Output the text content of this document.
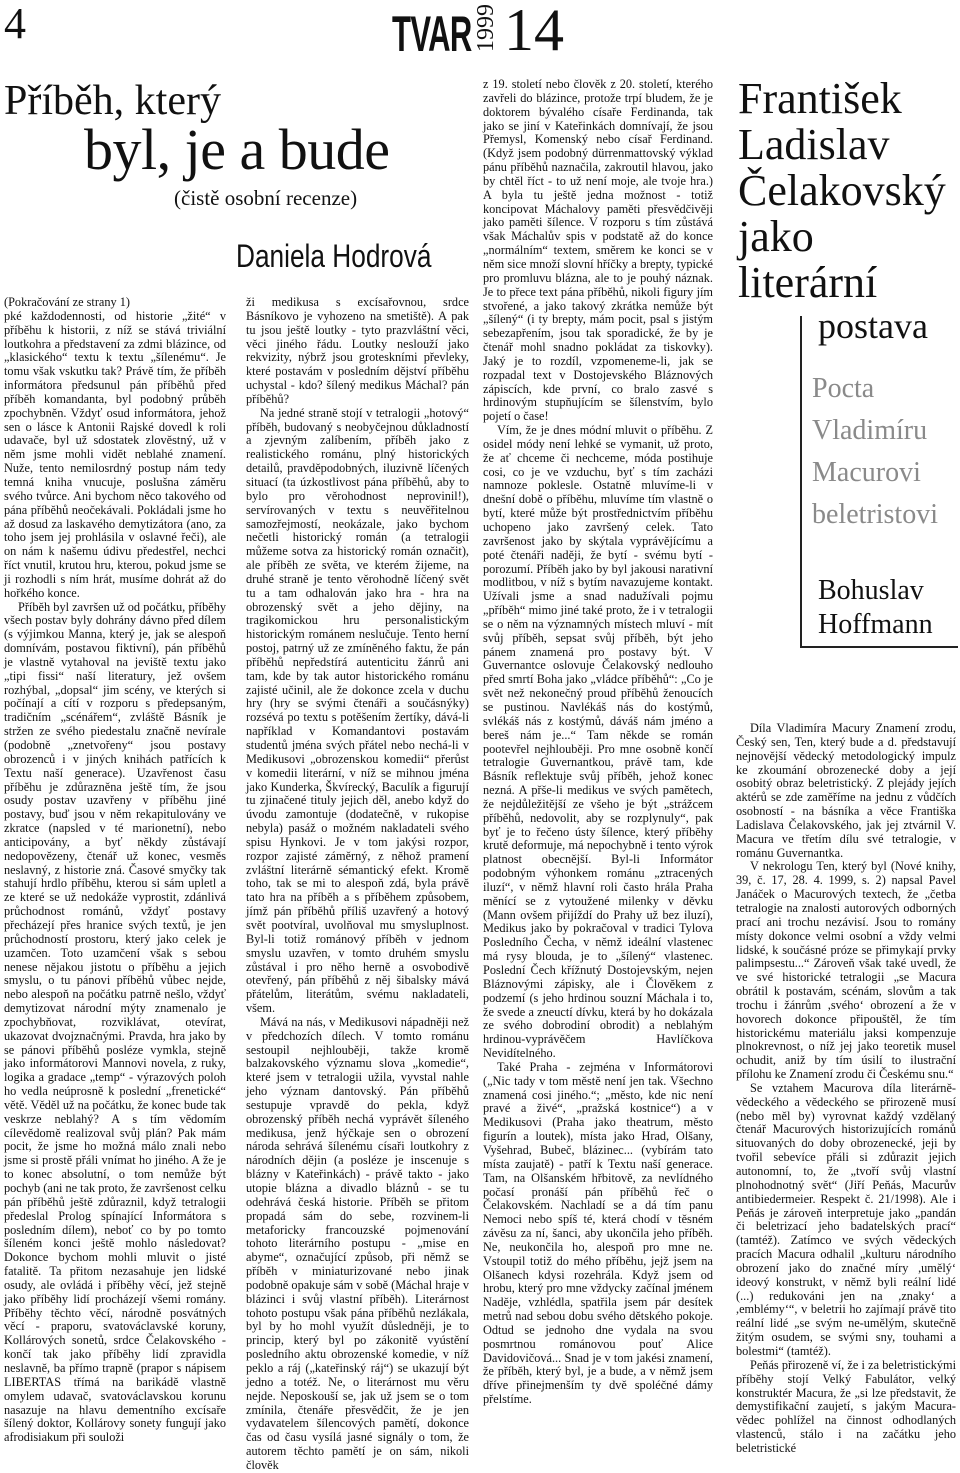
4	TVAR 1999 14
Příběh, který
byl, je a bude
(čistě osobní recenze)
Daniela Hodrová

(Pokračování ze strany 1)

pké každodennosti, od historie „žité“ v příběhu k historii, z níž se stává triviální loutkohra a představení za zdmi blázince, od „klasického“ textu k textu „šílenému“. Je tomu však vskutku tak? Právě tím, že příběh informátora předsunul pán příběhů před příběh komandanta, byl podobný průběh zpochybněn. Vždyť osud informátora, jehož sen o lásce k Antonii Rajské dovedl k roli udavače, byl už sdostatek zlověstný, už v něm jsme mohli vidět neblahé znamení. Nuže, tento nemilosrdný postup nám tedy temná kniha vnucuje, poslušna záměru svého tvůrce. Ani bychom něco takového od pána příběhů neočekávali. Pokládali jsme ho až dosud za laskavého demytizátora (ano, za toho jsem jej prohlásila v oslavné řeči), ale on nám k našemu údivu předestřel, nechci říct vnutil, krutou hru, kterou, pokud jsme se ji rozhodli s ním hrát, musíme dohrát až do hořkého konce.

Příběh byl završen už od počátku, příběhy všech postav byly dohrány dávno před dílem (s výjimkou Manna, který je, jak se alespoň domnívám, postavou fiktivní), pán příběhů je vlastně vytahoval na jeviště textu jako „tipi fissi“ naší literatury, jež ovšem rozhýbal, „dopsal“ jim scény, ve kterých si počínají a cítí v rozporu s předepsaným, tradičním „scénářem“, zvláště Básník je stržen ze svého piedestalu značně nevírale (podobně „znetvořeny“ jsou postavy obrozenců i v jiných knihách patřících k Textu naší generace). Uzavřenost času příběhu je zdůrazněna ještě tím, že jsou osudy postav uzavřeny v příběhu jiné postavy, buď jsou v něm rekapitulovány ve zkratce (napsled v té marionetní), nebo anticipovány, a byť někdy zůstávají nedopovězeny, čtenář už konec, vesměs neslavný, z historie zná. Časové smyčky tak stahují hrdlo příběhu, kterou si sám upletl a ze které se už nedokáže vyprostit, zdánlivá průchodnost románů, vždyť postavy přecházejí přes hranice svých textů, je jen průchodností prostoru, který jako celek je uzamčen. Toto uzamčení však s sebou nenese nějakou jistotu o příběhu a jejich smyslu, o tu pánovi příběhů vůbec nejde, nebo alespoň na počátku patrně nešlo, vždyť demytizovat národní mýty znamenalo je zpochybňovat, rozviklávat, otevírat, ukazovat dvojznačnými. Pravda, hra jako by se pánovi příběhů poslézе vymkla, stejně jako informátorovi Mannovi novela, z ruky, logika a gradace „temp“ - výrazových poloh ho vedla neúprosně k poslední „frenetické“ větě. Věděl už na počátku, že konec bude tak veskrze neblahý? A s tím vědomím cílevědomě realizoval svůj plán? Pak mám pocit, že jsme ho možná málo znali nebo jsme si prostě přáli vnímat ho jiného. A že je to konec absolutní, o tom nemůže být pochyb (ani ne tak proto, že završenost celku pán příběhů ještě zdůraznil, když tetralogii předeslal Prolog spínající Informátora s posledním dílem), neboť co by po tomto šíleném konci ještě mohlo následovat? Dokonce bychom mohli mluvit o jisté fatalitě. Ta přitom nezasahuje jen lidské osudy, ale ovládá i příběhy věcí, jež stejně jako příběhy lidí procházejí všemi romány. Příběhy těchto věcí, národně posvátných věcí - praporu, svatováclavské koruny, Kollárových sonetů, srdce Čelakovského - končí tak jako příběhy lidí zpravidla neslavně, ba přímo trapně (prapor s nápisem LIBERTAS třímá na barikádě vlastně omylem udavač, svatováclavskou korunu nasazuje na hlavu dementního excísaře šílený doktor, Kollárovy sonety fungují jako afrodisiakum při souloži

ži medikusa s excísařovnou, srdce Básníkovo je vyhozeno na smetiště). A pak tu jsou ještě loutky - tyto prazvláštní věci, věci jiného řádu. Loutky neslouží jako rekvizity, nýbrž jsou groteskními převleky, které postavám v posledním dějství příběhu uchystal - kdo? šílený medikus Máchal? pán příběhů?

Na jedné straně stojí v tetralogii „hotový“ příběh, budovaný s neobyčejnou důkladností a zjevným zalíbením, příběh jako z realistického románu, plný historických detailů, pravděpodobných, iluzivně líčených situací (ta úzkostlivost pána příběhů, aby to bylo pro věrohodnost neprovinil!), servírovaných v textu s neuvěřitelnou samozřejmostí, neokázale, jako bychom nečetli historický román (a tetralogii můžeme sotva za historický román označit), ale příběh ze světa, ve kterém žijeme, na druhé straně je tento věrohodně líčený svět tu a tam odhalován jako hra - hra na obrozenský svět a jeho dějiny, na tragikomickou hru personalistickým historickým románem neslučuje. Tento herní postoj, patrný už ze zmíněného faktu, že pán příběhů nepředstírá autenticitu žánrů ani tam, kde by tak autor historického románu zajisté učinil, ale že dokonce zcela v duchu hry (hry se svými čtenáři a součásnýky) rozsévá po textu s potěšením žertíky, dává-li například v Komandantovi postavám studentů jména svých přátel nebo nechá-li v Medikusovi „obrozenskou komedii“ přerůst v komedii literární, v níž se mihnou jména jako Kunderka, Škvírecký, Baculík a figurují tu zjinačené tituly jejich děl, anebo když do úvodu zamontuje (dodatečně, v rukopise nebyla) pasáž o možném nakladateli svého spisu Hynkovi. Je v tom jakýsi rozpor, rozpor zajisté záměrný, z něhož pramení zvláštní literárně sémantický efekt. Kromě toho, tak se mi to alespoň zdá, byla právě tato hra na příběh a s příběhem způsobem, jímž pán příběhů příliš uzavřený a hotový svět pootvíral, uvolňoval mu smysluplnost. Byl-li totiž románový příběh v jednom smyslu uzavřen, v tomto druhém smyslu zůstával i pro něho herně a osvobodivě otevřený, pán příběhů z něj šibalsky mává přátelům, literátům, svému nakladateli, všem.

Mává na nás, v Medikusovi nápadněji než v předchozích dílech. V tomto románu sestoupil nejhlouběji, takže kromě balzakovského významu slova „komedie“, které jsem v tetralogii užila, vyvstal nahle jeho význam dantovský. Pán příběhů sestupuje vpravdě do pekla, když obrozenský příběh nechá vyprávět šíleného medikusa, jenž hýčkaje sen o obrození národa sehrává šílenému císaři loutkohry z národních dějin (a posléze je inscenuje s blázny v Kateřinkách) - právě takto - jako utopie blázna a divadlo bláznů - se tu odehrává česká historie. Příběh se přitom propadá sám do sebe, rozvinem-li metaforicky francouzské pojmenování tohoto literárního postupu - „mise en abyme“, označující způsob, při němž se příběh v miniaturizované nebo jinak podobně opakuje sám v sobě (Máchal hraje v blázinci i svůj vlastní příběh). Literárnost tohoto postupu však pána příběhů nezlákala, byl by ho mohl využít důsledněji, je to princip, který byl po zákonitě vyústění posledního aktu obrozenské komedie, v níž peklo a ráj („kateřinský ráj“) se ukazují být jedno a totéž. Ne, o literárnost mu věru nejde. Neposkouší se, jak už jsem se o tom zmínila, čtenáře přesvědčit, že je jen vydavatelem šílencových pamětí, dokonce čas od času vysílá jasné signály o tom, že autorem těchto pamětí je on sám, nikoli člověk

z 19. století nebo člověk z 20. století, kterého zavřeli do blázince, protože trpí bludem, že je doktorem bývalého císaře Ferdinanda, tak jako se jiní v Kateřinkách domnívají, že jsou Přemysl, Komenský nebo císař Ferdinand. (Když jsem podobný dürrenmattovský výklad pánu příběhů naznačila, zakroutil hlavou, jako by chtěl říct - to už není moje, ale tvoje hra.) A byla tu ještě jedna možnost - totiž koncipovat Máchalovy paměti přesvědčivěji jako paměti šílence. V rozporu s tím zůstává však Máchalův spis v podstatě až do konce „normálním“ textem, směrem ke konci se v něm sice množí slovní hříčky a brepty, typické pro promluvu blázna, ale to je pouhý náznak. Je to přece text pána příběhů, nikoli figury jím stvořené, a jako takový zkrátka nemůže být „šílený“ (i ty brepty, mám pocit, psal s jistým sebezapřením, jsou tak sporadické, že by je čtenář mohl snadno pokládat za tiskovky). Jaký je to rozdíl, vzpomeneme-li, jak se rozpadal text v Dostojevského Bláznových zápiscích, kde první, co bralo zasvé s hrdinovým stupňujícím se šílenstvím, bylo pojetí o čase!

Vím, že je dnes módní mluvit o příběhu. Z osidel módy není lehké se vymanit, už proto, že ať chceme či nechceme, móda postihuje cosi, co je ve vzduchu, byť s tím zacházi namnoze poklesle. Ostatně mluvíme-li v dnešní době o příběhu, mluvíme tím vlastně o bytí, které může být prostřednictvím příběhu uchopeno jako završený celek. Tato završenost jako by skýtala vyprávějícímu a poté čtenáři naději, že bytí - svému bytí - porozumí. Příběh jako by byl jakousi narativní modlitbou, v níž s bytím navazujeme kontakt. Užívali jsme a snad nadužívali pojmu „příběh“ mimo jiné také proto, že i v tetralogii se o něm na významných místech mluví - mít svůj příběh, sepsat svůj příběh, být jeho pánem znamená pro postavy být. V Guvernantce oslovuje Čelakovský nedlouho před smrtí Boha jako „vládce příběhů“: „Co je svět než nekonečný proud příběhů ženoucích se pustinou. Navlékáš nás do kostýmů, svlékáš nás z kostýmů, dáváš nám jméno a bereš nám je...“ Tam někde se román pootevřel nejhlouběji. Pro mne osobně končí tetralogie Guvernantkou, právě tam, kde Básník reflektuje svůj příběh, jehož konec nezná. A přše-li medikus ve svých pamětech, že nejdůležitější ze všeho je být „strážcem příběhů, nedovolit, aby se rozplynuly“, pak byť je to řečeno ústy šílence, který příběhy krutě deformuje, má nepochybně i tento výrok platnost obecnější. Byl-li Informátor podobným výhonkem románu „ztracených iluzí“, v němž hlavní roli často hrála Praha měnící se z vytoužené milenky v děvku (Mann ovšem přijíždí do Prahy už bez iluzí), Medikus jako by pokračoval v tradici Tylova Posledního Čecha, v němž ideální vlastenec má rysy blouda, je to „šílený“ vlastenec. Poslední Čech křížnutý Dostojevským, nejen Bláznovými zápisky, ale i Člověkem z podzemí (s jeho hrdinou souzní Máchala i to, že svede a zneuctí dívku, která by ho dokázala ze svého dobrodiní obrodit) a neblahým hrdinou-vyprávěčem Havlíčkova Nevidítelného.

Také Praha - zejména v Informátorovi („Nic tady v tom městě není jen tak. Všechno znamená cosi jiného.“; „město, kde nic není pravé a živé“, „pražská kostnice“) a v Medikusovi (Praha jako theatrum, město figurín a loutek), místa jako Hrad, Olšany, Vyšehrad, Bubeč, blázinec... (vybírám tato místa zaujatě) - patří k Textu naší generace. Tam, na Olšanském hřbitově, za nevlídného počasí pronáší pán příběhů řeč o Čelakovském. Nachladí se a dá tím panu Nemoci nebo spíš té, která chodí v těsném závěsu za ní, šanci, aby ukončila jeho příběh. Ne, neukončila ho, alespoň pro mne ne. Vstoupil totiž do mého příběhu, jejž jsem na Olšanech kdysi rozehrála. Když jsem od hrobu, který pro mne vždycky začínal jménem Naděje, vzhlédla, spatřila jsem pár desítek metrů nad sebou dobu svého dětského pokoje. Odtud se jednoho dne vydala na svou posmrtnou románovou pouť Alice Davidovičová... Snad je v tom jakési znamení, že příběh, který byl, je a bude, a v němž jsem dříve přinejmenším ty dvě spoléčné dámy přelstíme.

František
Ladislav
Čelakovský
jako
literární
postava
Pocta
Vladimíru
Macurovi
beletristovi
Bohuslav
Hoffmann

Díla Vladimíra Macury Znamení zrodu, Český sen, Ten, který bude a d. představují nejnovější vědecký metodologický impulz ke zkoumání obrozenecké doby a její osobitý obraz beletristický. Z plejády jejích aktérů se zde zaměříme na jednu z vůdčích osobností - na básníka a věce Františka Ladislava Čelakovského, jak jej ztvárnil V. Macura ve třetím dílu své tetralogie, v románu Guvernantka.

V nekrologu Ten, který byl (Nové knihy, 39, č. 17, 28. 4. 1999, s. 2) napsal Pavel Janáček o Macurových textech, že „četba tetralogie na znalosti autorových odborných prací ani trochu nezávisí. Jsou to romány místy dokonce velmi osobní a vždy velmi lidské, k součásné próze se přimykají prvky palimpsestu...“ Zároveň však také uvedl, že ve své historické tetralogii „se Macura obrátil k postavám, scénám, slovům a tak trochu i žánrům ,svého‘ obrození a že v hovorech dokonce připouštěl, že tím historickému materiálu jaksi kompenzuje plnokrevnost, o níž jej jako teoretik musel ochudit, aniž by tím úsilí to ilustrační přílohu ke Znamení zrodu či Českému snu.“

Se vztahem Macurova díla literárně-vědeckého a vědeckého se přirozeně musí (nebo měl by) vyrovnat každý vzdělaný čtenář Macurových historizujících románů situovaných do doby obrozenecké, jeji by tvořil sebevíce přáli si zdůrazit jejich autonomní, to, že „tvoří svůj vlastní plnohodnotný svět“ (Jiří Peňás, Macurův antibiedermeier. Respekt č. 21/1998). Ale i Peňás je zároveň interpretuje jako „pandán či beletrizací jeho badatelských prací“ (tamtéž). Zatímco ve svých vědeckých pracích Macura odhalil „kulturu národního obrození jako do značné míry ,umělý‘ ideový konstrukt, v němž byli reální lidé (...) redukováni jen na ,znaky‘ a ,emblémy‘“, v beletrii ho zajímají právě tito reální lidé „se svým ne-umělým, skutečně žitým osudem, se svými sny, touhami a bolestmi“ (tamtéž).

Peňás přirozeně ví, že i za beletristickými příběhy stojí Velký Fabulátor, velký konstruktér Macura, že „si lze představit, že demystifikační zaujetí, s jakým Macura-vědec pohlížel na činnost odhodlaných vlastenců, stálo i na začátku jeho beletristické
